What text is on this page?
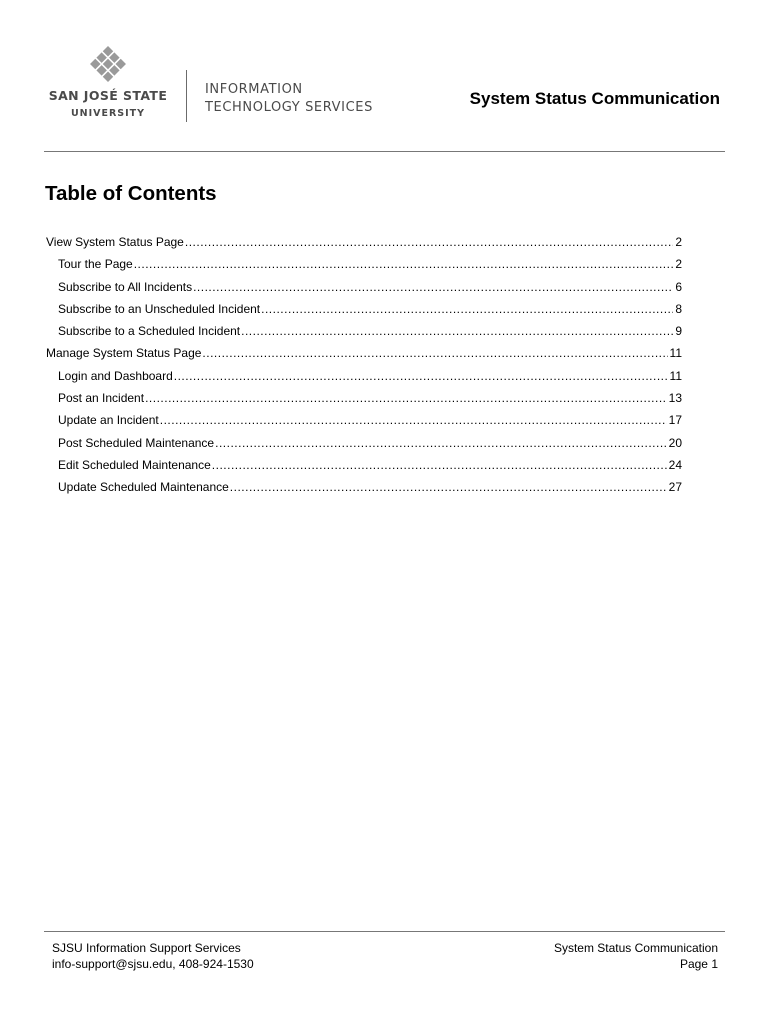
SAN JOSÉ STATE
UNIVERSITY
INFORMATION
TECHNOLOGY SERVICES	System Status Communication
Table of Contents
View System Status Page .....	2
Tour the Page .....	2
Subscribe to All Incidents .....	6
Subscribe to an Unscheduled Incident .....	8
Subscribe to a Scheduled Incident .....	9
Manage System Status Page .....	11
Login and Dashboard .....	11
Post an Incident .....	13
Update an Incident .....	17
Post Scheduled Maintenance .....	20
Edit Scheduled Maintenance .....	24
Update Scheduled Maintenance .....	27
SJSU Information Support Services
info-support@sjsu.edu, 408-924-1530
System Status Communication
Page 1
